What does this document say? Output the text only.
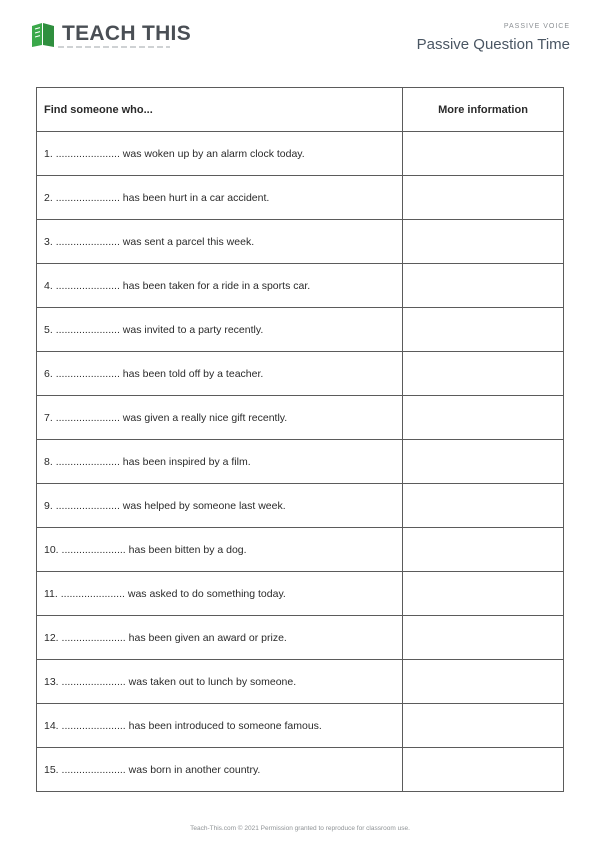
TEACH THIS	PASSIVE VOICE
Passive Question Time
Find someone who...	More information
1. ...................... was woken up by an alarm clock today.	
2. ...................... has been hurt in a car accident.	
3. ...................... was sent a parcel this week.	
4. ...................... has been taken for a ride in a sports car.	
5. ...................... was invited to a party recently.	
6. ...................... has been told off by a teacher.	
7. ...................... was given a really nice gift recently.	
8. ...................... has been inspired by a film.	
9. ...................... was helped by someone last week.	
10. ...................... has been bitten by a dog.	
11. ...................... was asked to do something today.	
12. ...................... has been given an award or prize.	
13. ...................... was taken out to lunch by someone.	
14. ...................... has been introduced to someone famous.	
15. ...................... was born in another country.	
Teach-This.com © 2021 Permission granted to reproduce for classroom use.
